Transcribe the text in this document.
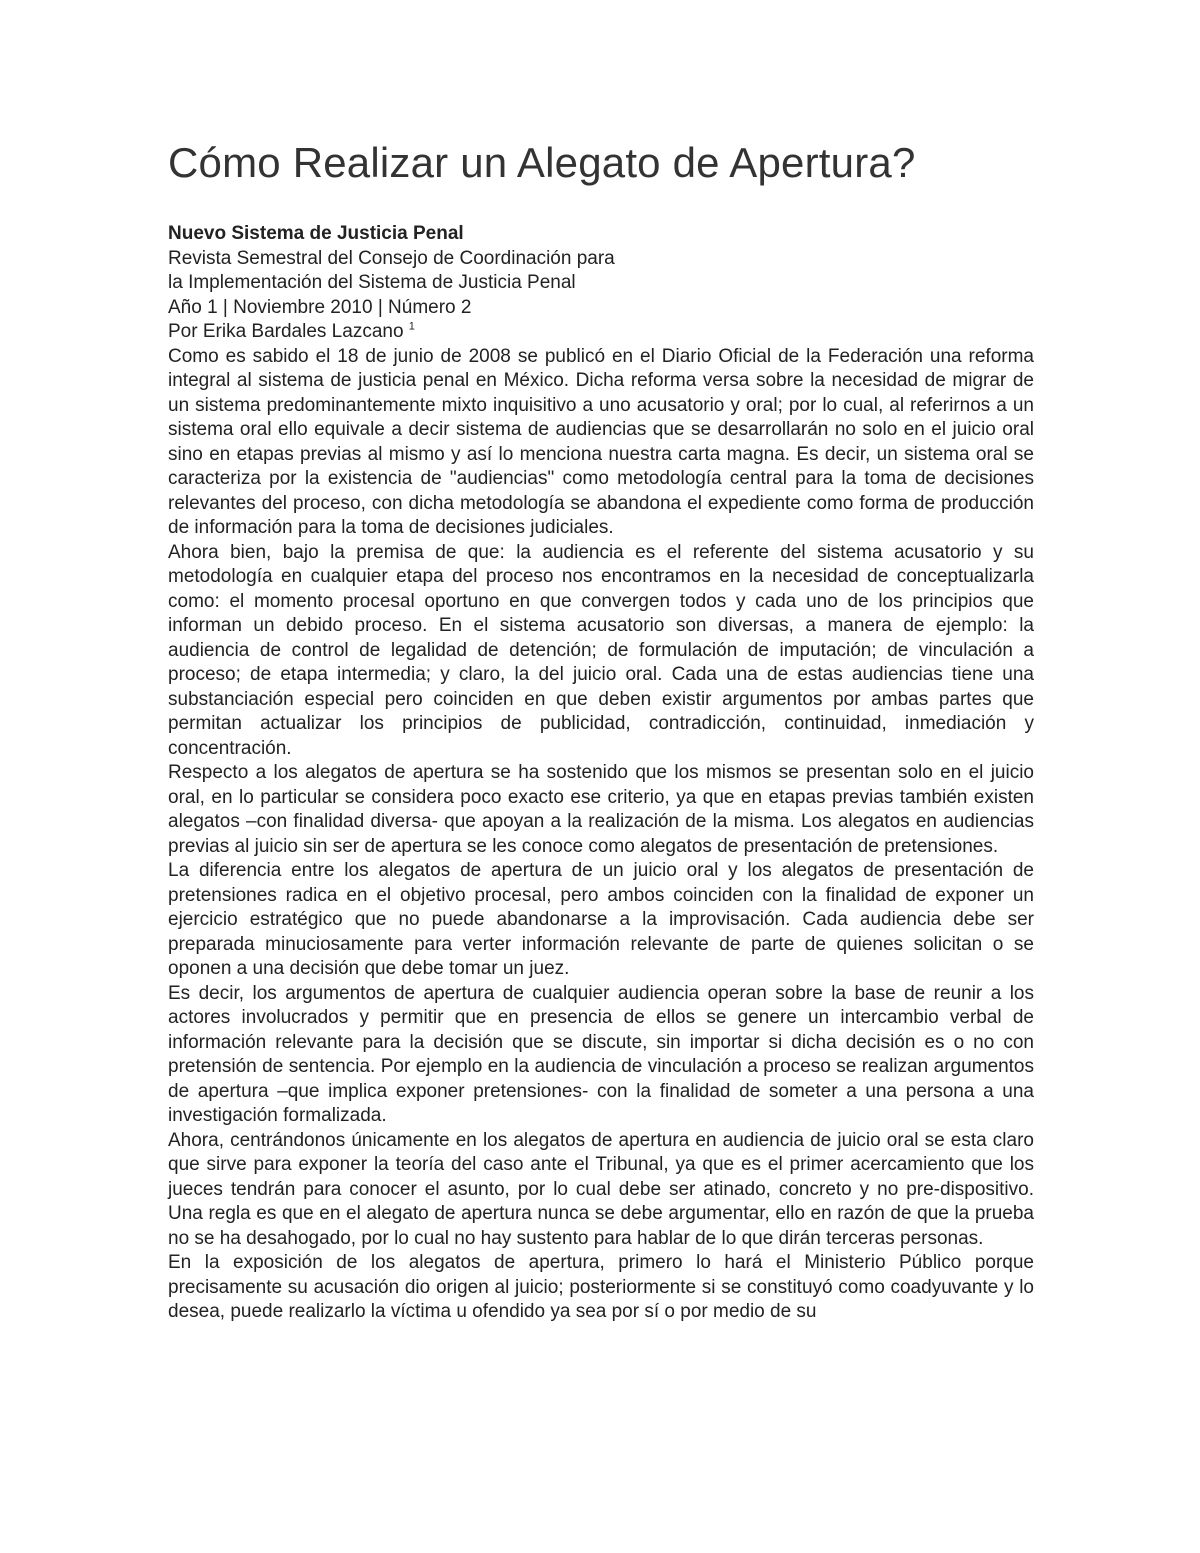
Cómo Realizar un Alegato de Apertura?

Nuevo Sistema de Justicia Penal

Revista Semestral del Consejo de Coordinación para

la Implementación del Sistema de Justicia Penal

Año 1 | Noviembre 2010 | Número 2

Por Erika Bardales Lazcano $^1$

Como es sabido el 18 de junio de 2008 se publicó en el Diario Oficial de la Federación una reforma integral al sistema de justicia penal en México. Dicha reforma versa sobre la necesidad de migrar de un sistema predominantemente mixto inquisitivo a uno acusatorio y oral; por lo cual, al referirnos a un sistema oral ello equivale a decir sistema de audiencias que se desarrollarán no solo en el juicio oral sino en etapas previas al mismo y así lo menciona nuestra carta magna. Es decir, un sistema oral se caracteriza por la existencia de "audiencias" como metodología central para la toma de decisiones relevantes del proceso, con dicha metodología se abandona el expediente como forma de producción de información para la toma de decisiones judiciales.

Ahora bien, bajo la premisa de que: la audiencia es el referente del sistema acusatorio y su metodología en cualquier etapa del proceso nos encontramos en la necesidad de conceptualizarla como: el momento procesal oportuno en que convergen todos y cada uno de los principios que informan un debido proceso. En el sistema acusatorio son diversas, a manera de ejemplo: la audiencia de control de legalidad de detención; de formulación de imputación; de vinculación a proceso; de etapa intermedia; y claro, la del juicio oral. Cada una de estas audiencias tiene una substanciación especial pero coinciden en que deben existir argumentos por ambas partes que permitan actualizar los principios de publicidad, contradicción, continuidad, inmediación y concentración.

Respecto a los alegatos de apertura se ha sostenido que los mismos se presentan solo en el juicio oral, en lo particular se considera poco exacto ese criterio, ya que en etapas previas también existen alegatos –con finalidad diversa- que apoyan a la realización de la misma. Los alegatos en audiencias previas al juicio sin ser de apertura se les conoce como alegatos de presentación de pretensiones.

La diferencia entre los alegatos de apertura de un juicio oral y los alegatos de presentación de pretensiones radica en el objetivo procesal, pero ambos coinciden con la finalidad de exponer un ejercicio estratégico que no puede abandonarse a la improvisación. Cada audiencia debe ser preparada minuciosamente para verter información relevante de parte de quienes solicitan o se oponen a una decisión que debe tomar un juez.

Es decir, los argumentos de apertura de cualquier audiencia operan sobre la base de reunir a los actores involucrados y permitir que en presencia de ellos se genere un intercambio verbal de información relevante para la decisión que se discute, sin importar si dicha decisión es o no con pretensión de sentencia. Por ejemplo en la audiencia de vinculación a proceso se realizan argumentos de apertura –que implica exponer pretensiones- con la finalidad de someter a una persona a una investigación formalizada.

Ahora, centrándonos únicamente en los alegatos de apertura en audiencia de juicio oral se esta claro que sirve para exponer la teoría del caso ante el Tribunal, ya que es el primer acercamiento que los jueces tendrán para conocer el asunto, por lo cual debe ser atinado, concreto y no pre-dispositivo. Una regla es que en el alegato de apertura nunca se debe argumentar, ello en razón de que la prueba no se ha desahogado, por lo cual no hay sustento para hablar de lo que dirán terceras personas.

En la exposición de los alegatos de apertura, primero lo hará el Ministerio Público porque precisamente su acusación dio origen al juicio; posteriormente si se constituyó como coadyuvante y lo desea, puede realizarlo la víctima u ofendido ya sea por sí o por medio de su
